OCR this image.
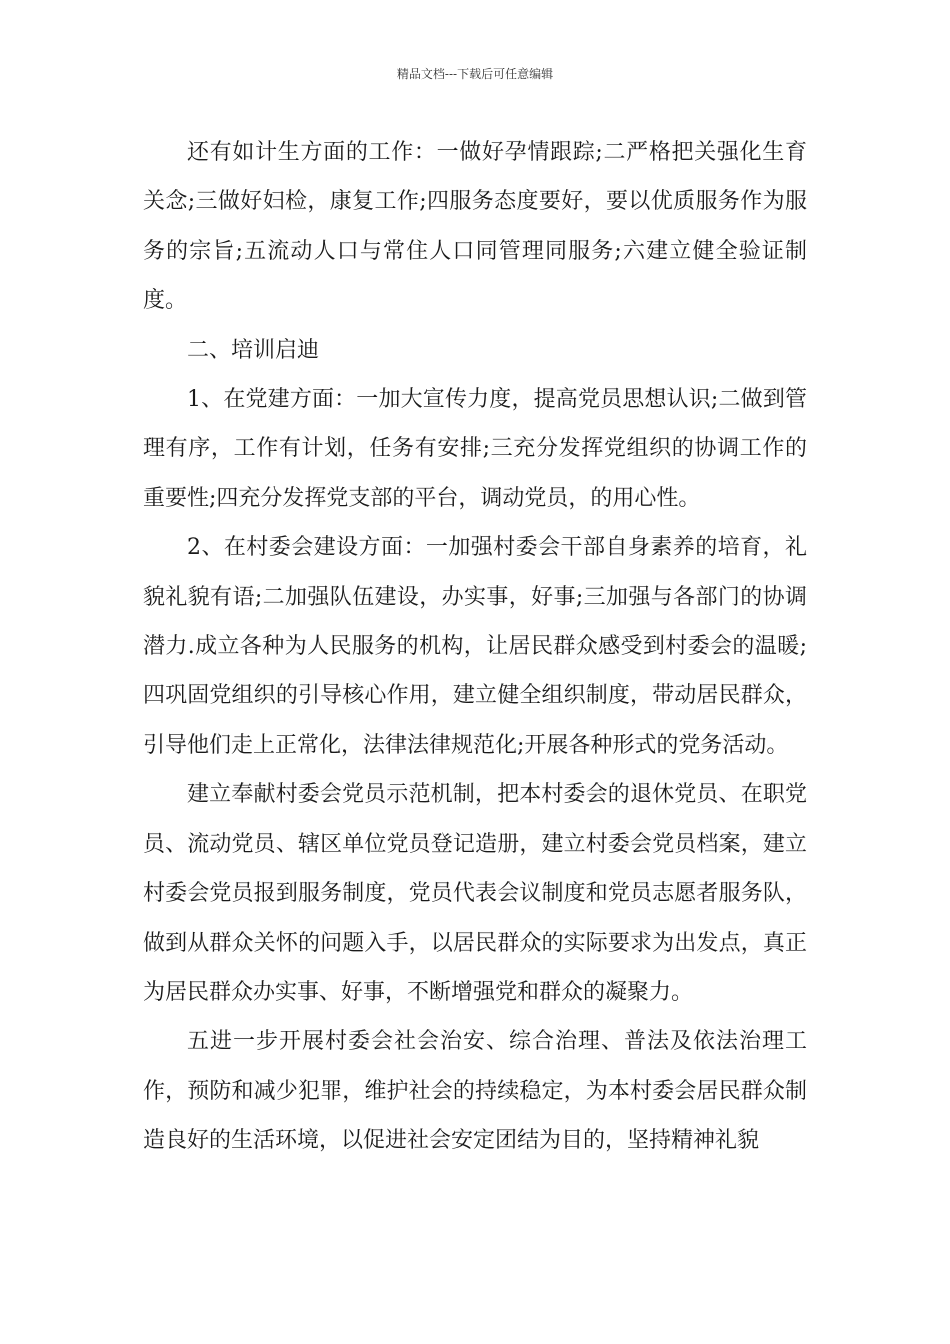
精品文档---下载后可任意编辑

还有如计生方面的工作：一做好孕情跟踪;二严格把关强化生育关念;三做好妇检，康复工作;四服务态度要好，要以优质服务作为服务的宗旨;五流动人口与常住人口同管理同服务;六建立健全验证制度。

二、培训启迪

1、在党建方面：一加大宣传力度，提高党员思想认识;二做到管理有序，工作有计划，任务有安排;三充分发挥党组织的协调工作的重要性;四充分发挥党支部的平台，调动党员，的用心性。

2、在村委会建设方面：一加强村委会干部自身素养的培育，礼貌礼貌有语;二加强队伍建设，办实事，好事;三加强与各部门的协调潜力.成立各种为人民服务的机构，让居民群众感受到村委会的温暖;四巩固党组织的引导核心作用，建立健全组织制度，带动居民群众，引导他们走上正常化，法律法律规范化;开展各种形式的党务活动。

建立奉献村委会党员示范机制，把本村委会的退休党员、在职党员、流动党员、辖区单位党员登记造册，建立村委会党员档案，建立村委会党员报到服务制度，党员代表会议制度和党员志愿者服务队，做到从群众关怀的问题入手，以居民群众的实际要求为出发点，真正为居民群众办实事、好事，不断增强党和群众的凝聚力。

五进一步开展村委会社会治安、综合治理、普法及依法治理工作，预防和减少犯罪，维护社会的持续稳定，为本村委会居民群众制造良好的生活环境，以促进社会安定团结为目的，坚持精神礼貌
